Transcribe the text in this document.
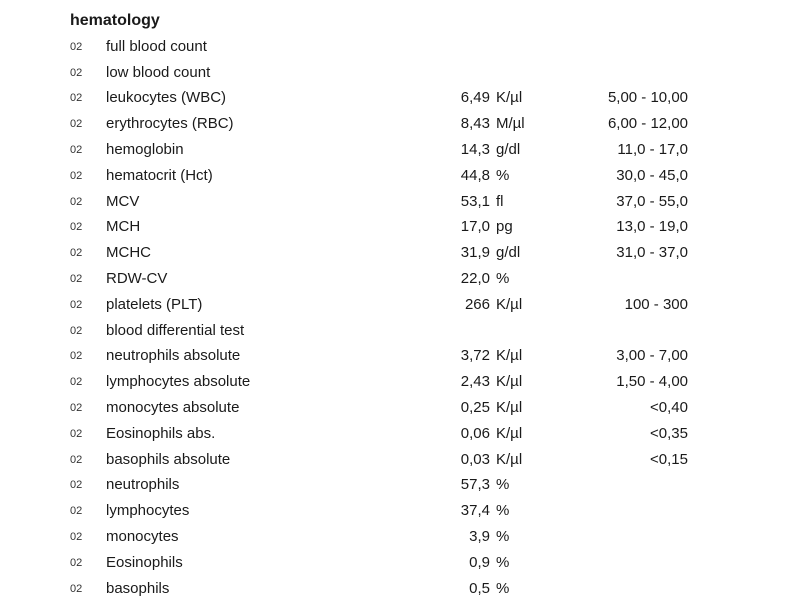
hematology
02 full blood count
02 low blood count
02 leukocytes (WBC)	6,49 K/µl	5,00 - 10,00
02 erythrocytes (RBC)	8,43 M/µl	6,00 - 12,00
02 hemoglobin	14,3 g/dl	11,0 - 17,0
02 hematocrit (Hct)	44,8 %	30,0 - 45,0
02 MCV	53,1 fl	37,0 - 55,0
02 MCH	17,0 pg	13,0 - 19,0
02 MCHC	31,9 g/dl	31,0 - 37,0
02 RDW-CV	22,0 %
02 platelets (PLT)	266 K/µl	100 - 300
02 blood differential test
02 neutrophils absolute	3,72 K/µl	3,00 - 7,00
02 lymphocytes absolute	2,43 K/µl	1,50 - 4,00
02 monocytes absolute	0,25 K/µl	<0,40
02 Eosinophils abs.	0,06 K/µl	<0,35
02 basophils absolute	0,03 K/µl	<0,15
02 neutrophils	57,3 %
02 lymphocytes	37,4 %
02 monocytes	3,9 %
02 Eosinophils	0,9 %
02 basophils	0,5 %
